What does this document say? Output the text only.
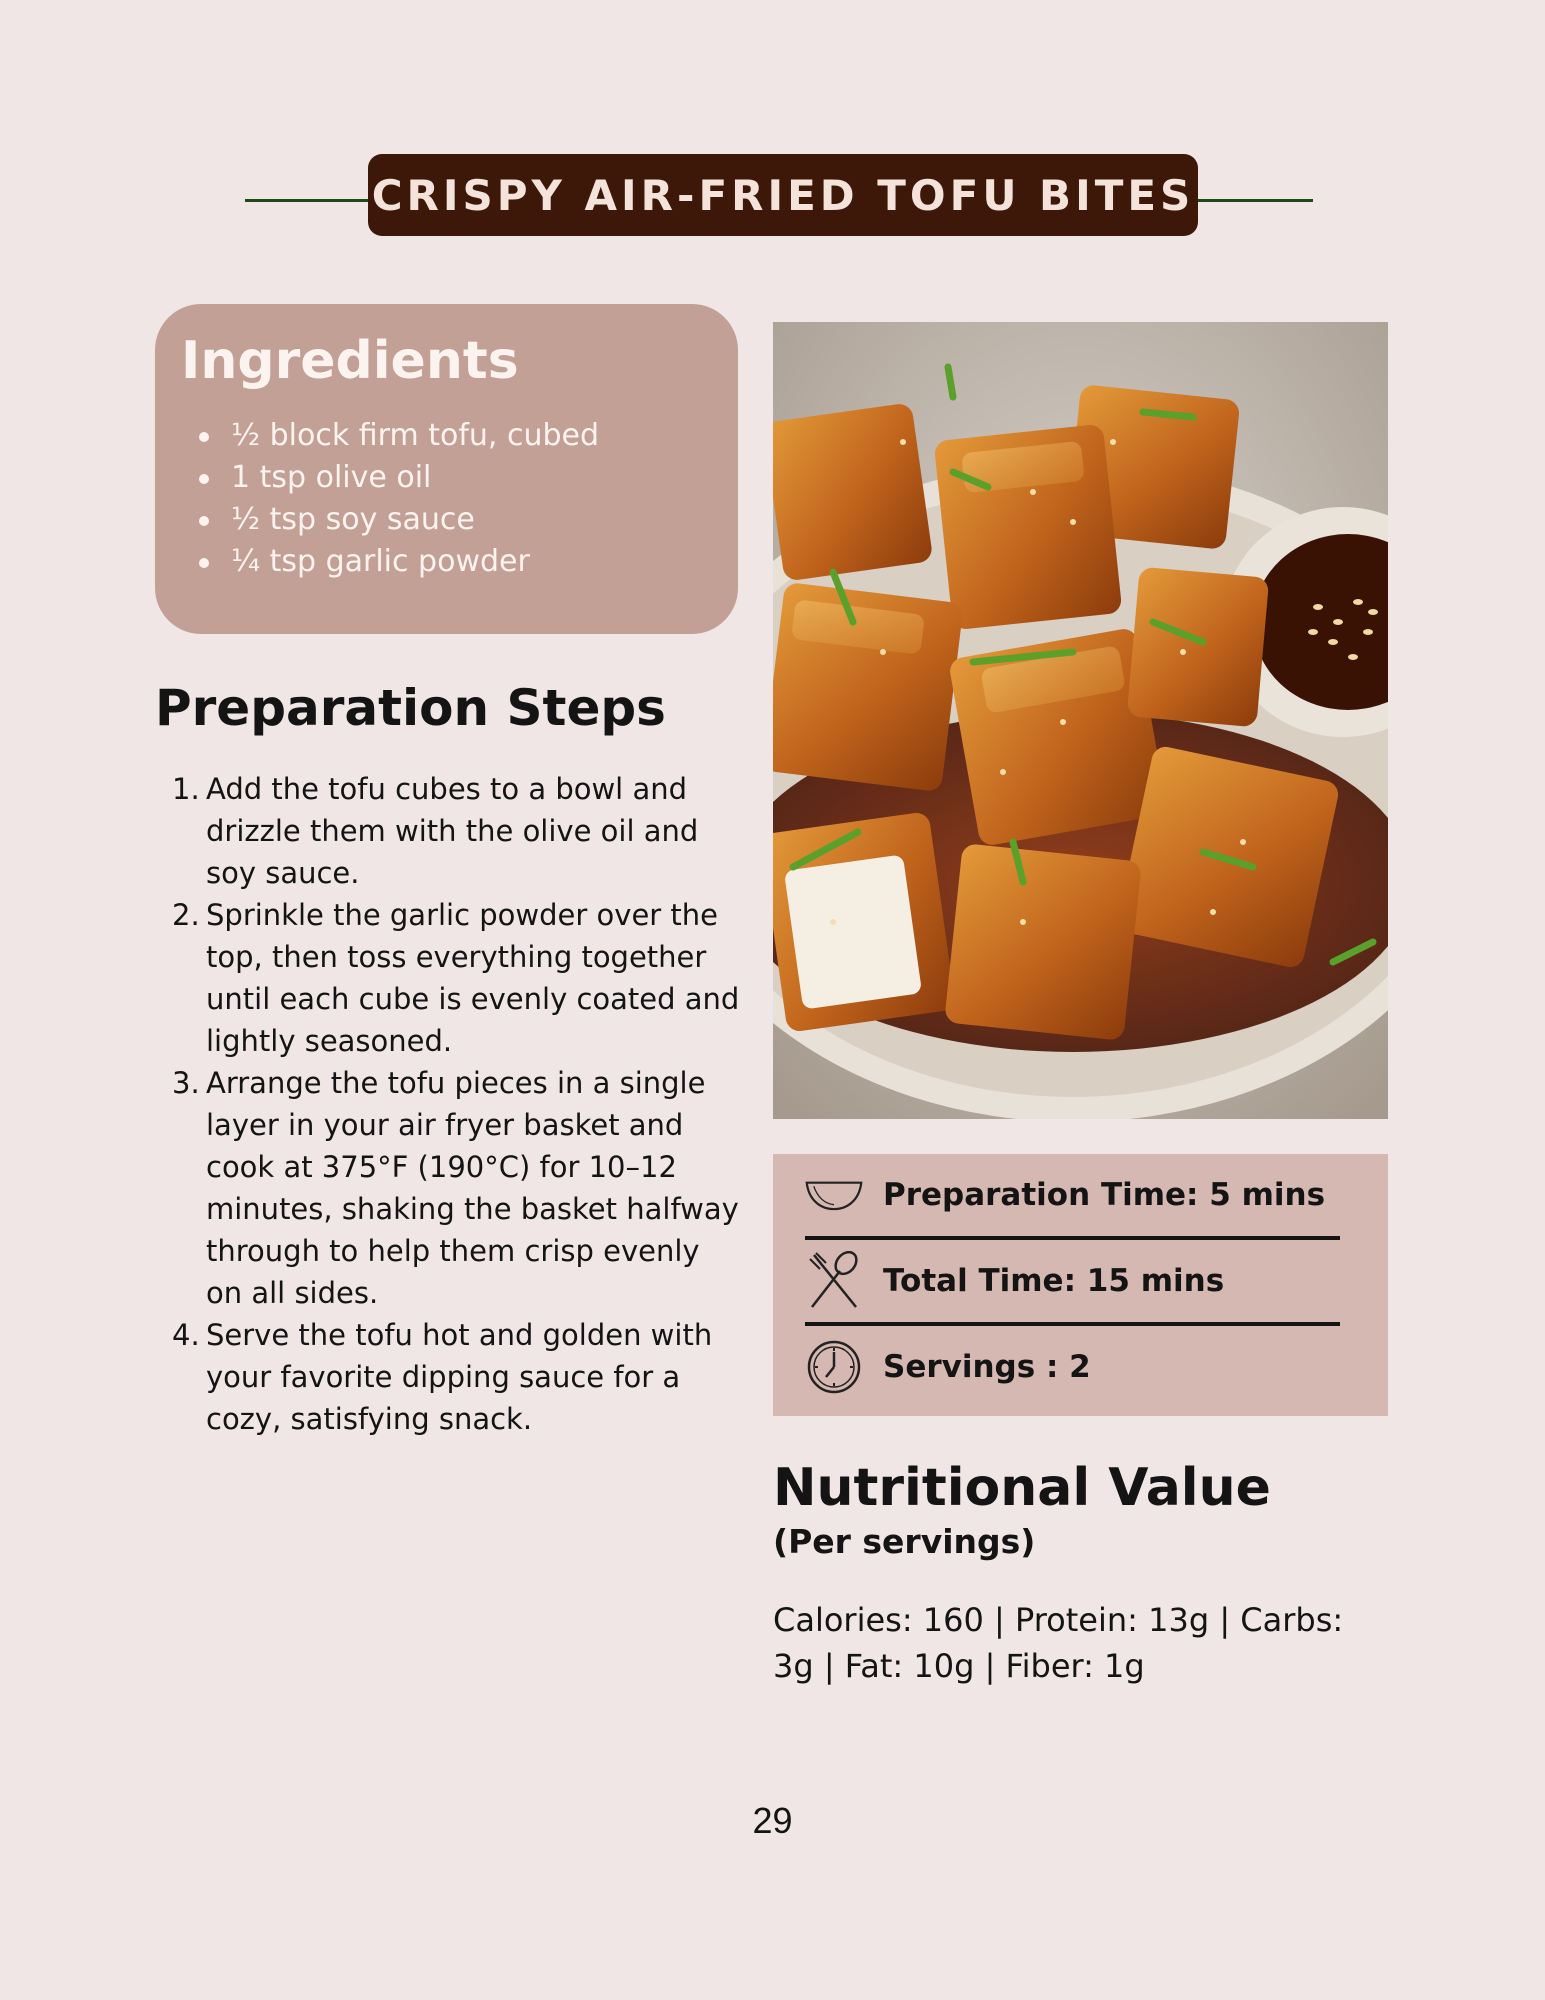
CRISPY AIR-FRIED TOFU BITES
Ingredients
½ block firm tofu, cubed
1 tsp olive oil
½ tsp soy sauce
¼ tsp garlic powder
Preparation Steps
1. Add the tofu cubes to a bowl and drizzle them with the olive oil and soy sauce.
2. Sprinkle the garlic powder over the top, then toss everything together until each cube is evenly coated and lightly seasoned.
3. Arrange the tofu pieces in a single layer in your air fryer basket and cook at 375°F (190°C) for 10–12 minutes, shaking the basket halfway through to help them crisp evenly on all sides.
4. Serve the tofu hot and golden with your favorite dipping sauce for a cozy, satisfying snack.
Preparation Time: 5 mins
Total Time: 15 mins
Servings : 2
Nutritional Value
(Per servings)
Calories: 160 | Protein: 13g | Carbs: 3g | Fat: 10g | Fiber: 1g
29
